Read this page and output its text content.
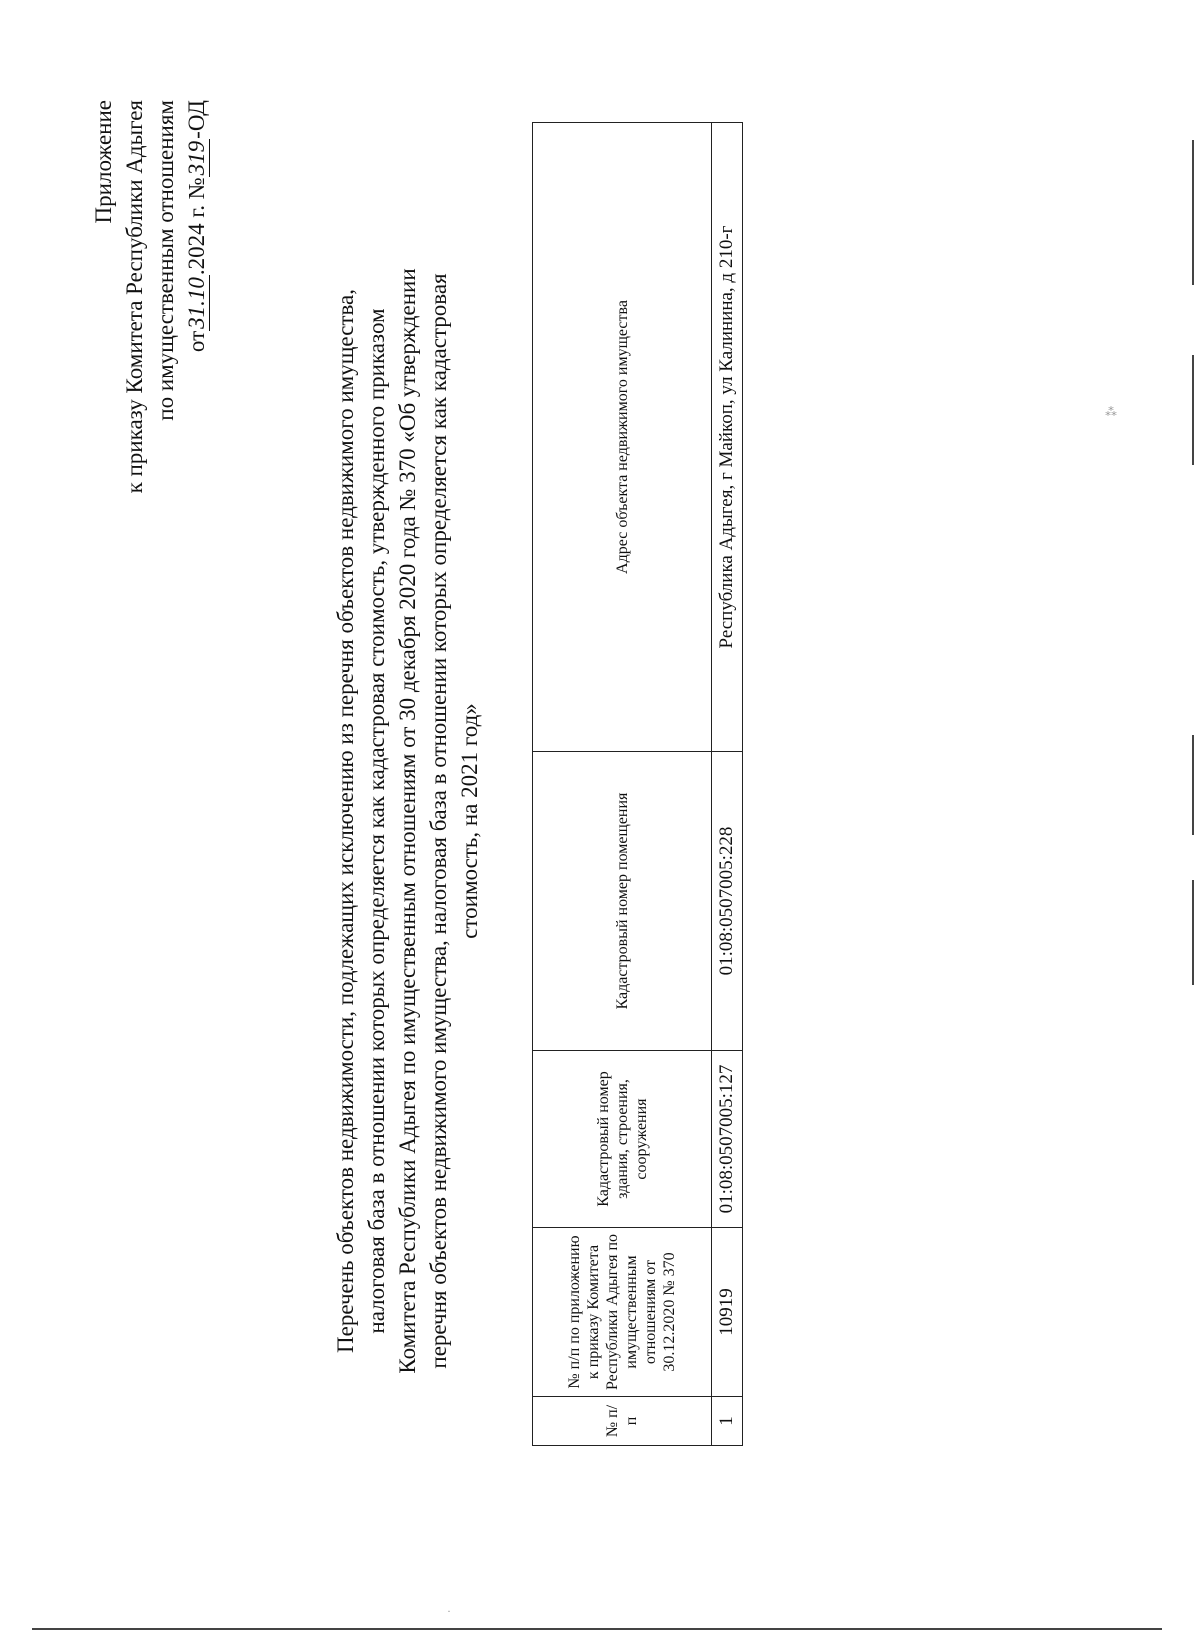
Приложение к приказу Комитета Республики Адыгея по имущественным отношениям от31.10.2024 г. №319-ОД
Перечень объектов недвижимости, подлежащих исключению из перечня объектов недвижимого имущества, налоговая база в отношении которых определяется как кадастровая стоимость, утвержденного приказом Комитета Республики Адыгея по имущественным отношениям от 30 декабря 2020 года № 370 «Об утверждении перечня объектов недвижимого имущества, налоговая база в отношении которых определяется как кадастровая стоимость, на 2021 год»
№ п/п	№ п/п по приложению к приказу Комитета Республики Адыгея по имущественным отношениям от 30.12.2020 № 370	Кадастровый номер здания, строения, сооружения	Кадастровый номер помещения	Адрес объекта недвижимого имущества
1	10919	01:08:0507005:127	01:08:0507005:228	Республика Адыгея, г Майкоп, ул Калинина, д 210-г	⁂
·
